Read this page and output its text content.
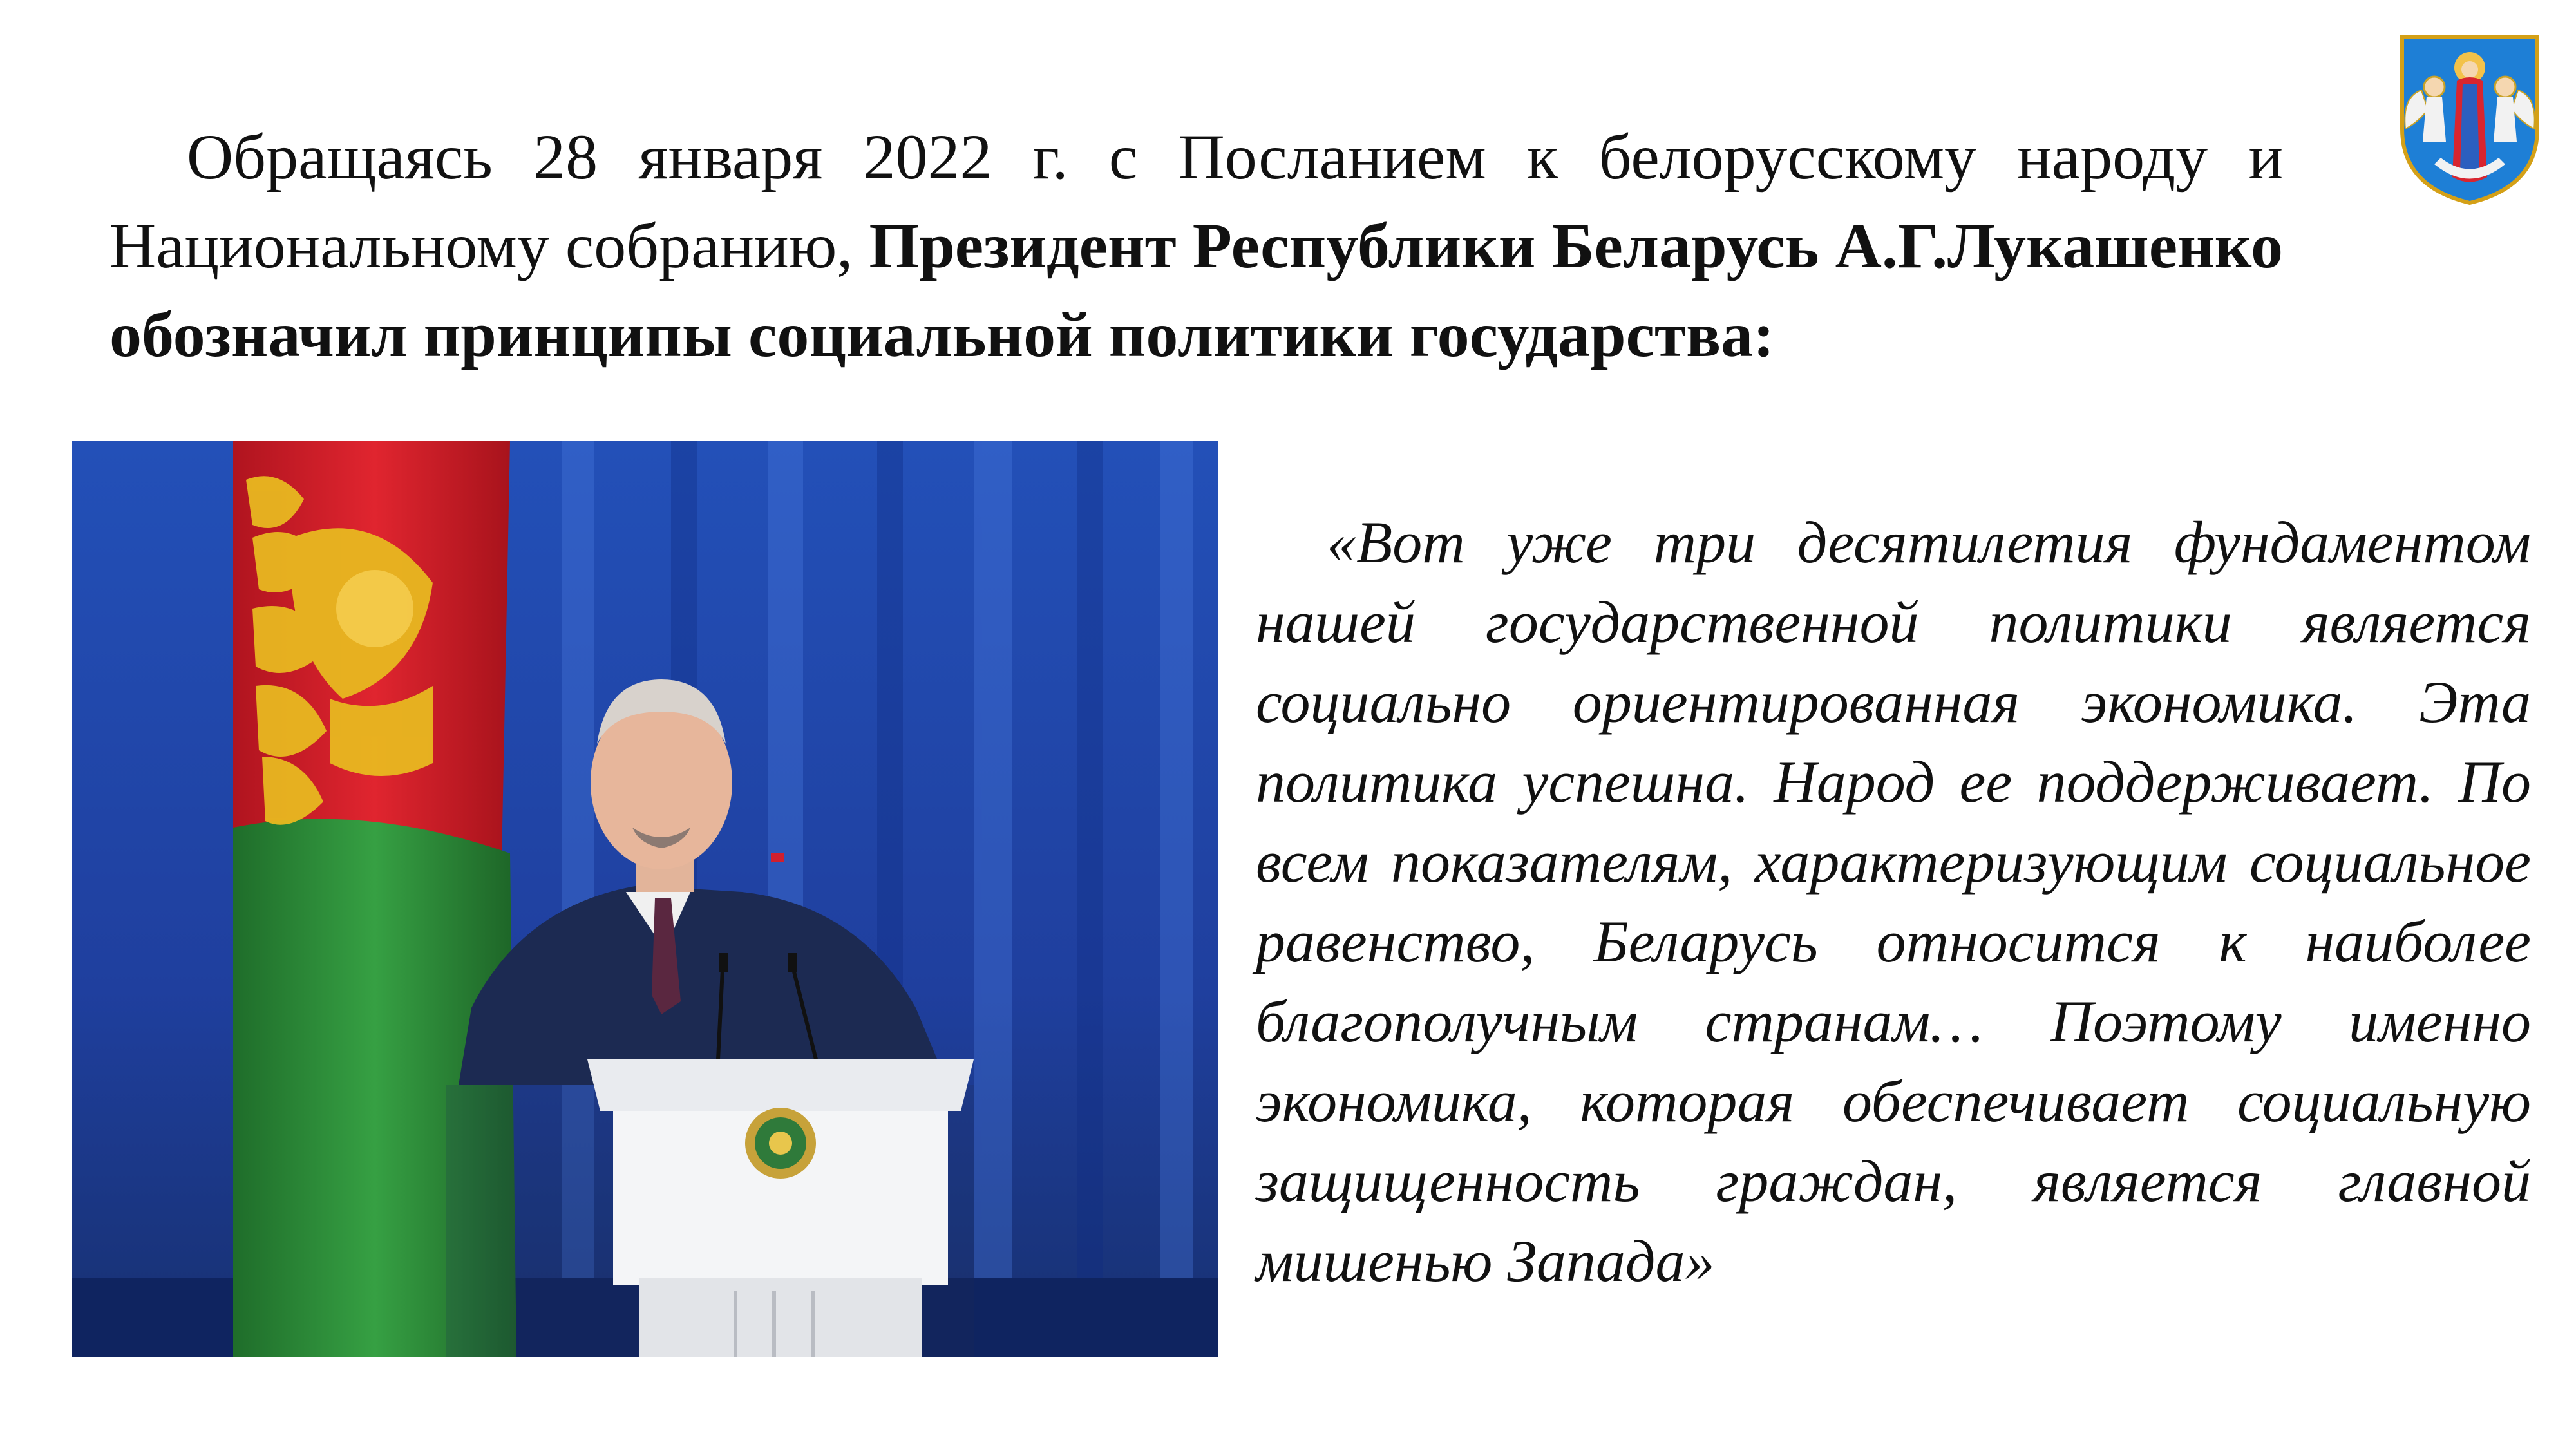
Обращаясь 28 января 2022 г. с Посланием к белорусскому народу и Национальному собранию, Президент Республики Беларусь А.Г.Лукашенко обозначил принципы социальной политики государства:

«Вот уже три десятилетия фундаментом нашей государственной политики является социально ориентированная экономика. Эта политика успешна. Народ ее поддерживает. По всем показателям, характеризующим социальное равенство, Беларусь относится к наиболее благополучным странам… Поэтому именно экономика, которая обеспечивает социальную защищенность граждан, является главной мишенью Запада»
